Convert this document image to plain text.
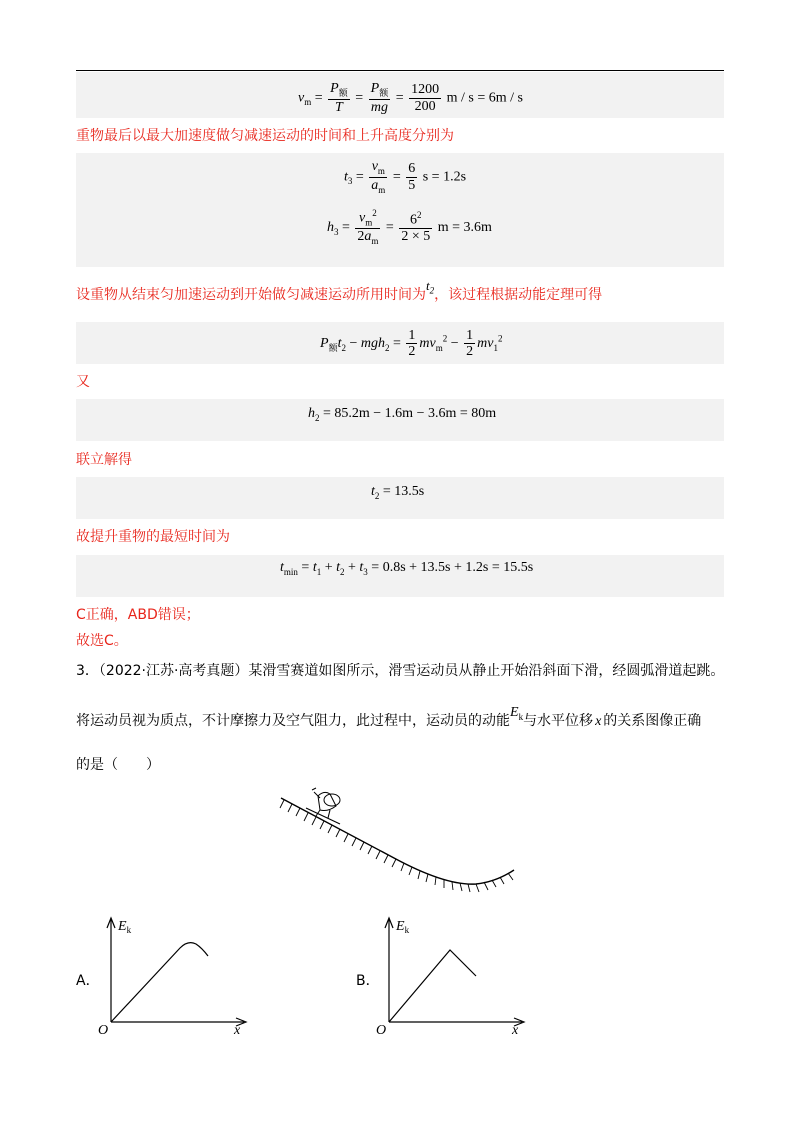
$v_m = \frac{P_额}{T} = \frac{P_额}{mg} = \frac{1200}{200}$ m / s = 6m / s
重物最后以最大加速度做匀减速运动的时间和上升高度分别为
$t_3 = \frac{v_m}{a_m} = \frac{6}{5}$ s = 1.2s
$h_3 = \frac{v_m^2}{2a_m} = \frac{6^2}{2 \times 5}$ m = 3.6m
设重物从结束匀加速运动到开始做匀减速运动所用时间为$t_2$，该过程根据动能定理可得
$P_额t_2 - mgh_2 = \frac{1}{2} mv_m^2 - \frac{1}{2} mv_1^2$
又
$h_2 = 85.2m - 1.6m - 3.6m = 80m$
联立解得
$t_2 = 13.5s$
故提升重物的最短时间为
$t_{min} = t_1 + t_2 + t_3 = 0.8s + 13.5s + 1.2s = 15.5s$
C正确，ABD错误；
故选C。
3．（2022·江苏·高考真题）某滑雪赛道如图所示，滑雪运动员从静止开始沿斜面下滑，经圆弧滑道起跳。
将运动员视为质点，不计摩擦力及空气阻力，此过程中，运动员的动能$E_k$与水平位移 x 的关系图像正确
的是（　　）
A．
$E_k$
O	x
B．
$E_k$
O	x
